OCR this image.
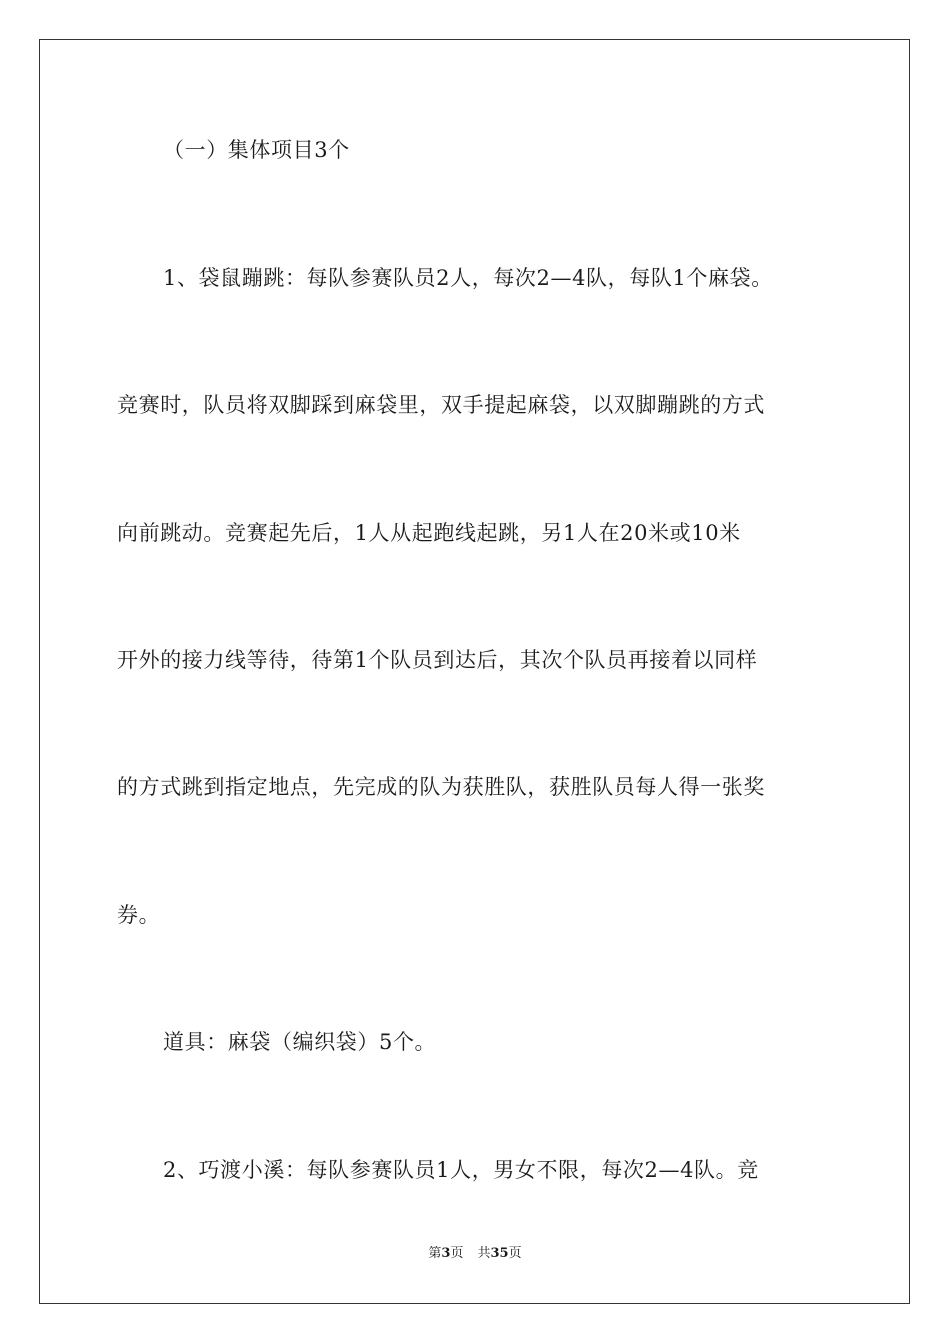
（一）集体项目3个
1、袋鼠蹦跳：每队参赛队员2人，每次2—4队，每队1个麻袋。
竞赛时，队员将双脚踩到麻袋里，双手提起麻袋，以双脚蹦跳的方式
向前跳动。竞赛起先后，1人从起跑线起跳，另1人在20米或10米
开外的接力线等待，待第1个队员到达后，其次个队员再接着以同样
的方式跳到指定地点，先完成的队为获胜队，获胜队员每人得一张奖
券。
道具：麻袋（编织袋）5个。
2、巧渡小溪：每队参赛队员1人，男女不限，每次2—4队。竞
第3页 共35页
